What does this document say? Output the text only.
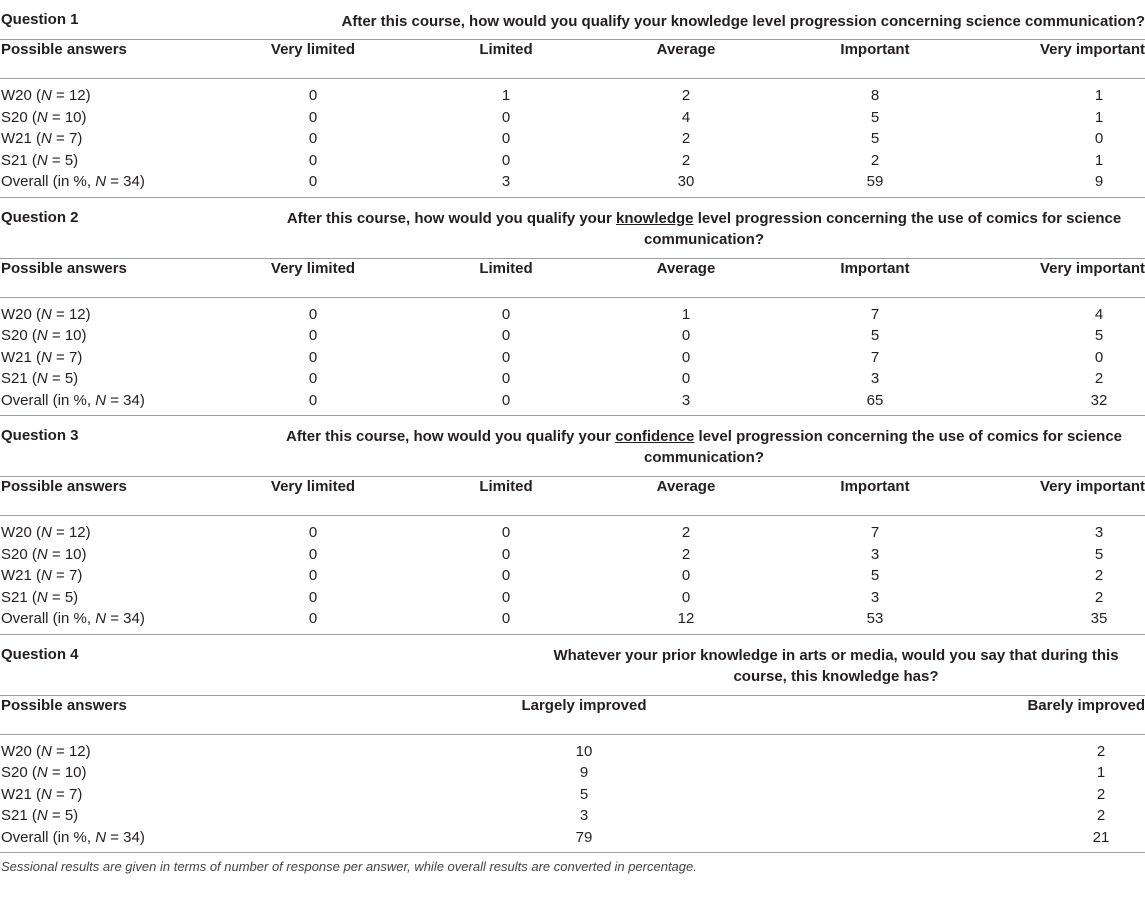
Question 1	After this course, how would you qualify your knowledge level progression concerning science communication?
Possible answers	Very limited	Limited	Average	Important	Very important
W20 (N = 12)	0	1	2	8	1
S20 (N = 10)	0	0	4	5	1
W21 (N = 7)	0	0	2	5	0
S21 (N = 5)	0	0	2	2	1
Overall (in %, N = 34)	0	3	30	59	9
Question 2	After this course, how would you qualify your knowledge level progression concerning the use of comics for science
communication?
Possible answers	Very limited	Limited	Average	Important	Very important
W20 (N = 12)	0	0	1	7	4
S20 (N = 10)	0	0	0	5	5
W21 (N = 7)	0	0	0	7	0
S21 (N = 5)	0	0	0	3	2
Overall (in %, N = 34)	0	0	3	65	32
Question 3	After this course, how would you qualify your confidence level progression concerning the use of comics for science
communication?
Possible answers	Very limited	Limited	Average	Important	Very important
W20 (N = 12)	0	0	2	7	3
S20 (N = 10)	0	0	2	3	5
W21 (N = 7)	0	0	0	5	2
S21 (N = 5)	0	0	0	3	2
Overall (in %, N = 34)	0	0	12	53	35
Question 4	Whatever your prior knowledge in arts or media, would you say that during this
course, this knowledge has?
Possible answers	Largely improved	Barely improved
W20 (N = 12)	10	2
S20 (N = 10)	9	1
W21 (N = 7)	5	2
S21 (N = 5)	3	2
Overall (in %, N = 34)	79	21
Sessional results are given in terms of number of response per answer, while overall results are converted in percentage.
